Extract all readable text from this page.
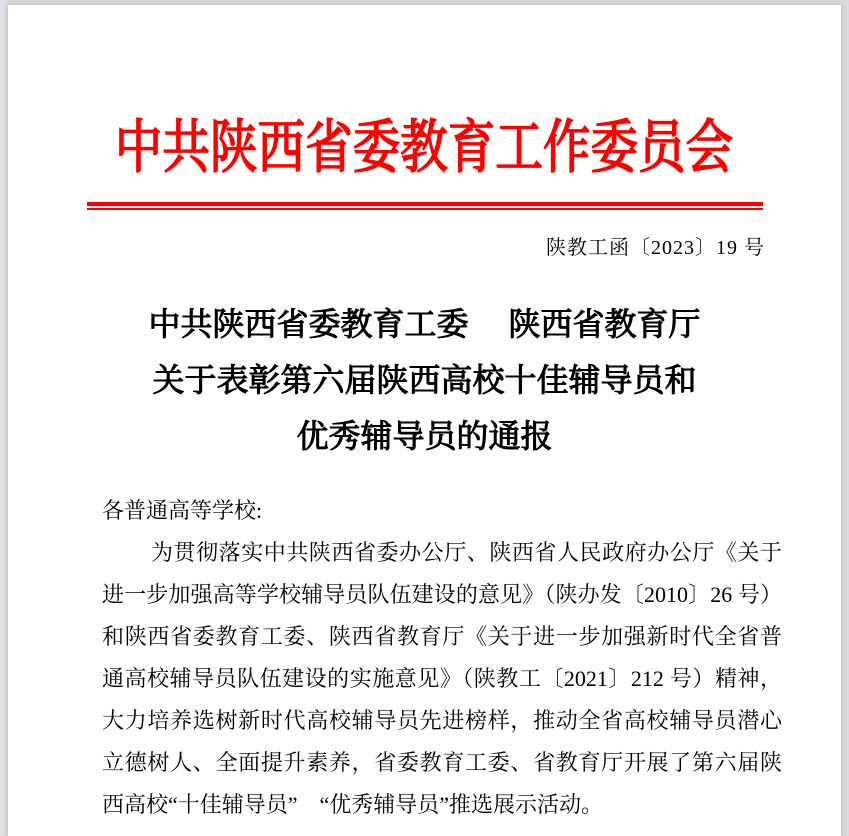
中共陕西省委教育工作委员会
陕教工函〔2023〕19 号
中共陕西省委教育工委　 陕西省教育厅
关于表彰第六届陕西高校十佳辅导员和
优秀辅导员的通报
各普通高等学校:
为贯彻落实中共陕西省委办公厅、陕西省人民政府办公厅《关于
进一步加强高等学校辅导员队伍建设的意见》（陕办发〔2010〕26 号）
和陕西省委教育工委、陕西省教育厅《关于进一步加强新时代全省普
通高校辅导员队伍建设的实施意见》（陕教工〔2021〕212 号）精神，
大力培养选树新时代高校辅导员先进榜样，推动全省高校辅导员潜心
立德树人、全面提升素养，省委教育工委、省教育厅开展了第六届陕
西高校“十佳辅导员”　“优秀辅导员”推选展示活动。
